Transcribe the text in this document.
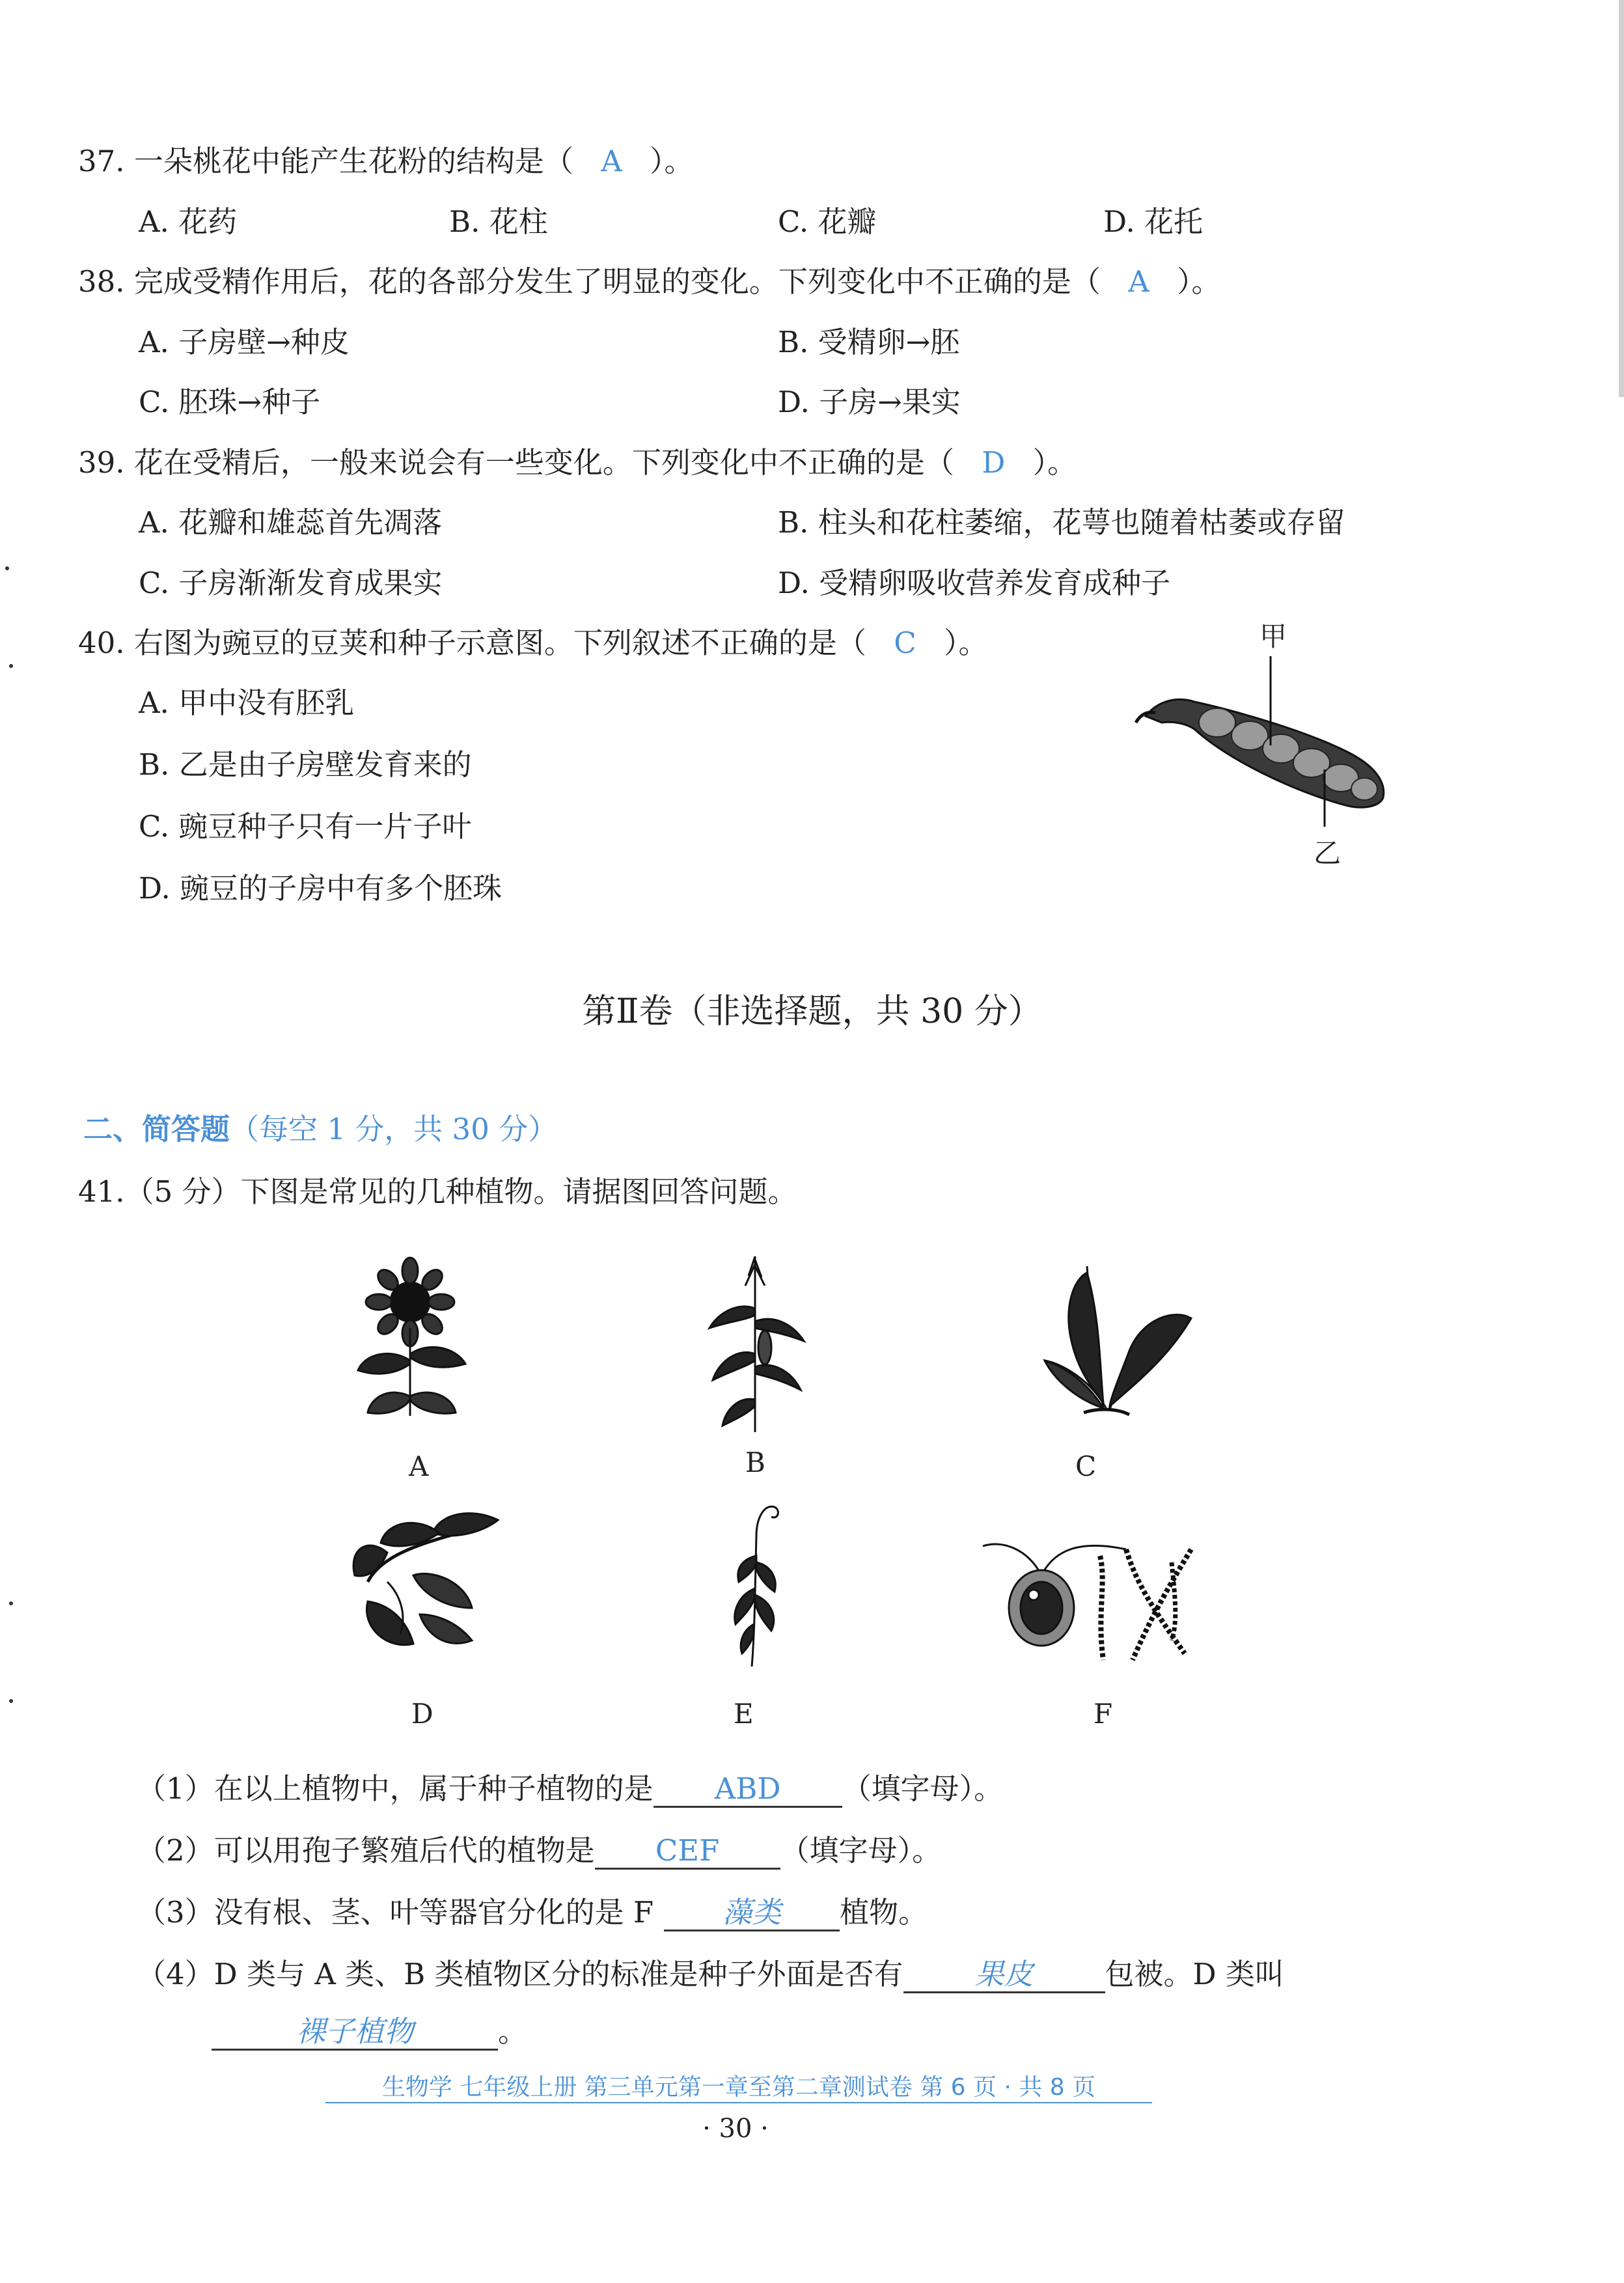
37. 一朵桃花中能产生花粉的结构是（ A ）。
A. 花药	B. 花柱	C. 花瓣	D. 花托
38. 完成受精作用后，花的各部分发生了明显的变化。下列变化中不正确的是（ A ）。
A. 子房壁→种皮	B. 受精卵→胚
C. 胚珠→种子	D. 子房→果实
39. 花在受精后，一般来说会有一些变化。下列变化中不正确的是（ D ）。
A. 花瓣和雄蕊首先凋落	B. 柱头和花柱萎缩，花萼也随着枯萎或存留
C. 子房渐渐发育成果实	D. 受精卵吸收营养发育成种子
40. 右图为豌豆的豆荚和种子示意图。下列叙述不正确的是（ C ）。
A. 甲中没有胚乳
B. 乙是由子房壁发育来的
C. 豌豆种子只有一片子叶
D. 豌豆的子房中有多个胚珠
甲
乙
第Ⅱ卷（非选择题，共 30 分）
二、简答题（每空 1 分，共 30 分）
41.（5 分）下图是常见的几种植物。请据图回答问题。
A	B	C
D	E	F
（1）在以上植物中，属于种子植物的是 ABD （填字母）。
（2）可以用孢子繁殖后代的植物是 CEF （填字母）。
（3）没有根、茎、叶等器官分化的是 F 藻类 植物。
（4）D 类与 A 类、B 类植物区分的标准是种子外面是否有 果皮 包被。D 类叫
裸子植物	。
生物学 七年级上册 第三单元第一章至第二章测试卷 第 6 页 · 共 8 页
· 30 ·
